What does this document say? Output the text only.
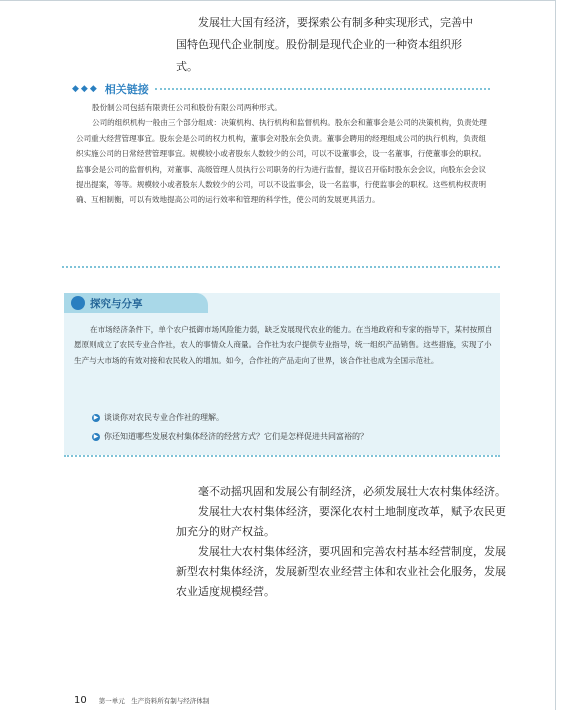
发展壮大国有经济，要探索公有制多种实现形式，完善中国特色现代企业制度。股份制是现代企业的一种资本组织形式。
◆◆◆ 相关链接

股份制公司包括有限责任公司和股份有限公司两种形式。

公司的组织机构一般由三个部分组成：决策机构、执行机构和监督机构。股东会和董事会是公司的决策机构，负责处理公司重大经营管理事宜。股东会是公司的权力机构，董事会对股东会负责。董事会聘用的经理组成公司的执行机构，负责组织实施公司的日常经营管理事宜。规模较小或者股东人数较少的公司，可以不设董事会，设一名董事，行使董事会的职权。监事会是公司的监督机构，对董事、高级管理人员执行公司职务的行为进行监督，提议召开临时股东会会议，向股东会会议提出提案，等等。规模较小或者股东人数较少的公司，可以不设监事会，设一名监事，行使监事会的职权。这些机构权责明确、互相制衡，可以有效地提高公司的运行效率和管理的科学性，使公司的发展更具活力。

探究与分享

在市场经济条件下，单个农户抵御市场风险能力弱，缺乏发展现代农业的能力。在当地政府和专家的指导下，某村按照自愿原则成立了农民专业合作社，农人的事情众人商量。合作社为农户提供专业指导，统一组织产品销售。这些措施，实现了小生产与大市场的有效对接和农民收入的增加。如今，合作社的产品走向了世界，该合作社也成为全国示范社。

▶ 谈谈你对农民专业合作社的理解。
▶ 你还知道哪些发展农村集体经济的经营方式？它们是怎样促进共同富裕的？

毫不动摇巩固和发展公有制经济，必须发展壮大农村集体经济。

发展壮大农村集体经济，要深化农村土地制度改革，赋予农民更加充分的财产权益。

发展壮大农村集体经济，要巩固和完善农村基本经营制度，发展新型农村集体经济，发展新型农业经营主体和农业社会化服务，发展农业适度规模经营。

10 第一单元　生产资料所有制与经济体制
